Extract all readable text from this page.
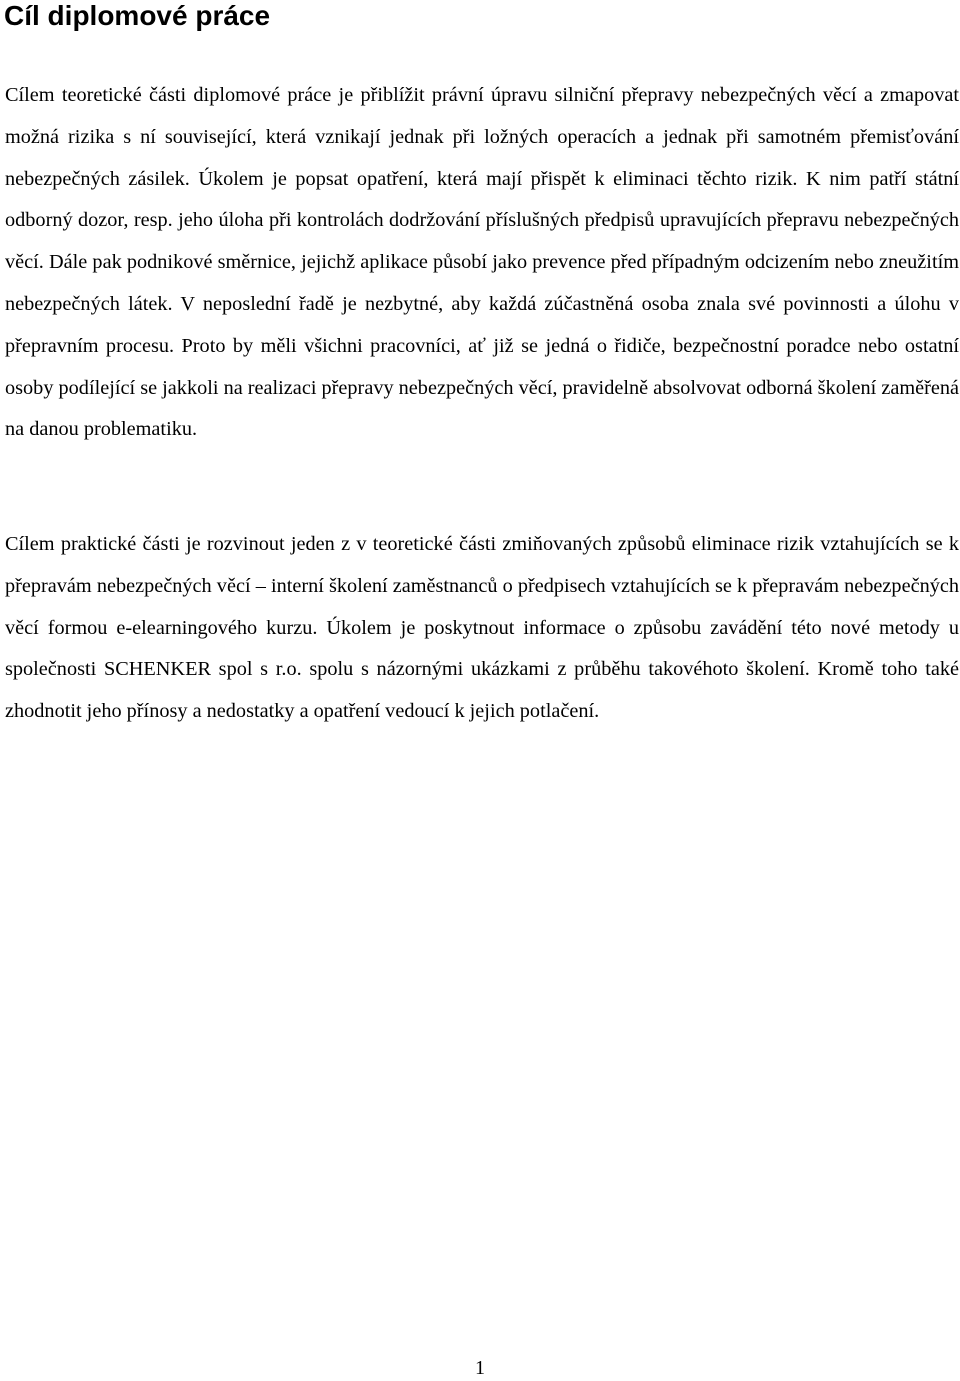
Cíl diplomové práce

Cílem teoretické části diplomové práce je přiblížit právní úpravu silniční přepravy nebezpečných věcí a zmapovat možná rizika s ní související, která vznikají jednak při ložných operacích a jednak při samotném přemisťování nebezpečných zásilek. Úkolem je popsat opatření, která mají přispět k eliminaci těchto rizik. K nim patří státní odborný dozor, resp. jeho úloha při kontrolách dodržování příslušných předpisů upravujících přepravu nebezpečných věcí. Dále pak podnikové směrnice, jejichž aplikace působí jako prevence před případným odcizením nebo zneužitím nebezpečných látek. V neposlední řadě je nezbytné, aby každá zúčastněná osoba znala své povinnosti a úlohu v přepravním procesu. Proto by měli všichni pracovníci, ať již se jedná o řidiče, bezpečnostní poradce nebo ostatní osoby podílející se jakkoli na realizaci přepravy nebezpečných věcí, pravidelně absolvovat odborná školení zaměřená na danou problematiku.

Cílem praktické části je rozvinout jeden z v teoretické části zmiňovaných způsobů eliminace rizik vztahujících se k přepravám nebezpečných věcí – interní školení zaměstnanců o předpisech vztahujících se k přepravám nebezpečných věcí formou e-elearningového kurzu. Úkolem je poskytnout informace o způsobu zavádění této nové metody u společnosti SCHENKER spol s r.o. spolu s názornými ukázkami z průběhu takovéhoto školení. Kromě toho také zhodnotit jeho přínosy a nedostatky a opatření vedoucí k jejich potlačení.

1
